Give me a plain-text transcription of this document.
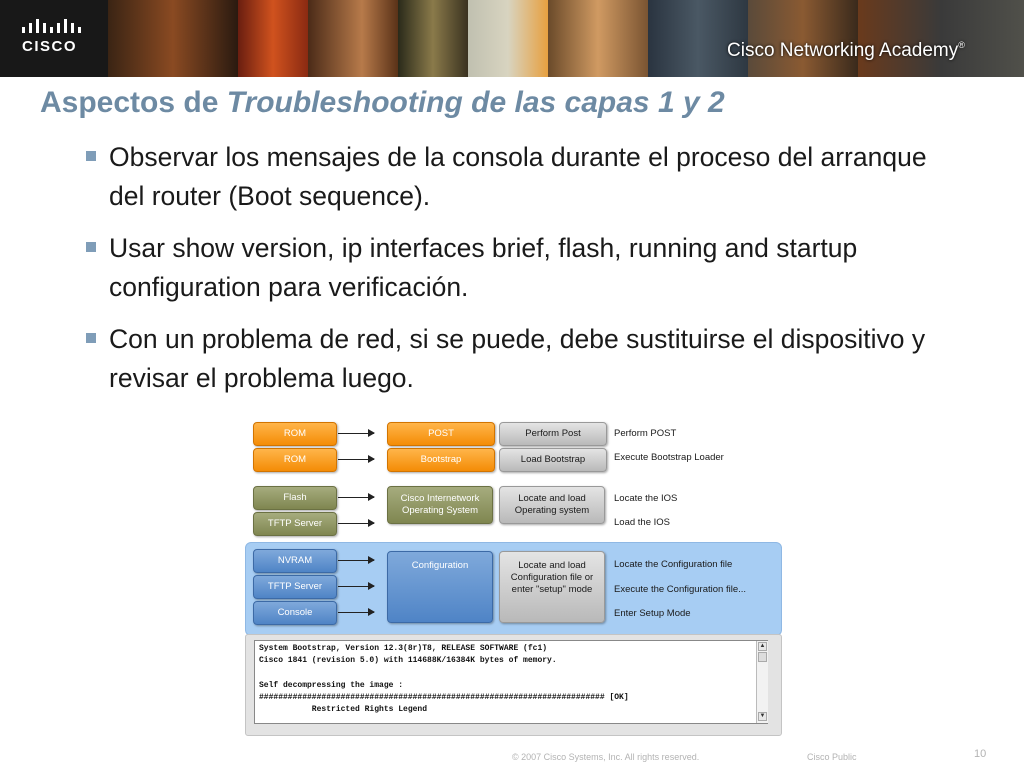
CISCO	Cisco Networking Academy®
Aspectos de Troubleshooting de las capas 1 y 2
Observar los mensajes de la consola durante el proceso del arranque del router (Boot sequence).
Usar show version, ip interfaces brief, flash, running and startup configuration para verificación.
Con un problema de red, si se puede, debe sustituirse el dispositivo y revisar el problema luego.
ROM
ROM
Flash
TFTP Server
NVRAM
TFTP Server
Console
POST
Bootstrap
Cisco Internetwork Operating System
Configuration
Perform Post
Load Bootstrap
Locate and load Operating system
Locate and load Configuration file or enter "setup" mode
Perform POST
Execute Bootstrap Loader
Locate the IOS
Load the IOS
Locate the Configuration file
Execute the Configuration file...
Enter Setup Mode
System Bootstrap, Version 12.3(8r)T8, RELEASE SOFTWARE (fc1)
Cisco 1841 (revision 5.0) with 114688K/16384K bytes of memory.
Self decompressing the image :
######################################################################## [OK]
Restricted Rights Legend
▲
▼
© 2007 Cisco Systems, Inc. All rights reserved.	Cisco Public	10
